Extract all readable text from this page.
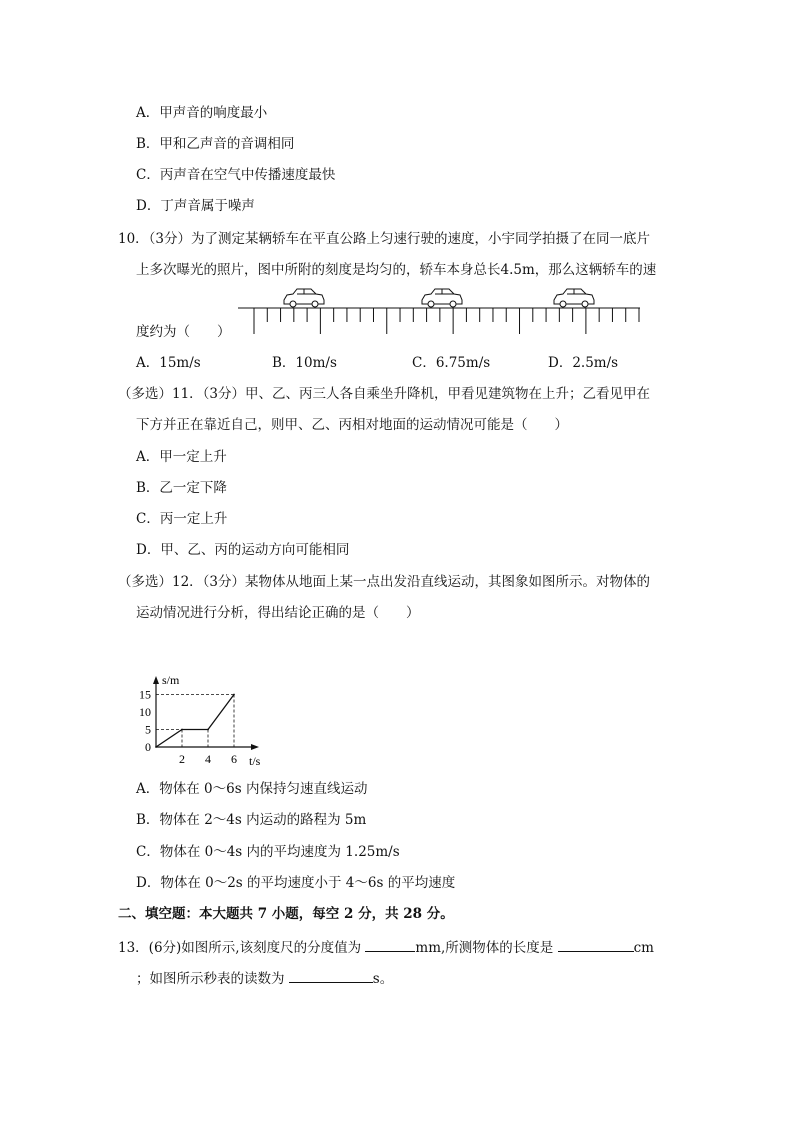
A．甲声音的响度最小
B．甲和乙声音的音调相同
C．丙声音在空气中传播速度最快
D．丁声音属于噪声
10．（3分）为了测定某辆轿车在平直公路上匀速行驶的速度，小宇同学拍摄了在同一底片
上多次曝光的照片，图中所附的刻度是均匀的，轿车本身总长4.5m，那么这辆轿车的速
度约为（　　）
A．15m/s	B．10m/s	C．6.75m/s	D．2.5m/s
（多选）11．（3分）甲、乙、丙三人各自乘坐升降机，甲看见建筑物在上升；乙看见甲在
下方并正在靠近自己，则甲、乙、丙相对地面的运动情况可能是（　　）
A．甲一定上升
B．乙一定下降
C．丙一定上升
D．甲、乙、丙的运动方向可能相同
（多选）12．（3分）某物体从地面上某一点出发沿直线运动，其图象如图所示。对物体的
运动情况进行分析，得出结论正确的是（　　）
s/m
t/s
2 4 6
0
5
10
15
A．物体在 0～6s 内保持匀速直线运动
B．物体在 2～4s 内运动的路程为 5m
C．物体在 0～4s 内的平均速度为 1.25m/s
D．物体在 0～2s 的平均速度小于 4～6s 的平均速度
二、填空题：本大题共 7 小题，每空 2 分，共 28 分。
13．(6分)如图所示,该刻度尺的分度值为	mm,所测物体的长度是	cm
；如图所示秒表的读数为	s。
